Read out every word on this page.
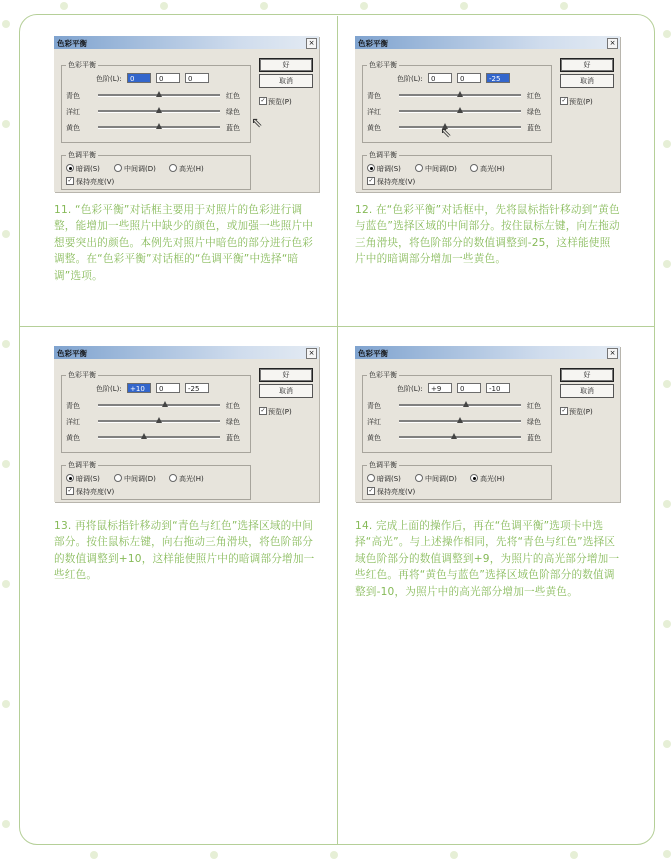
色彩平衡	×
色彩平衡
色阶(L):	0	0	0
青色	红色
洋红	绿色
黄色	蓝色
色调平衡
暗调(S)	中间调(D)	高光(H)
✓ 保持亮度(V)
好
取消
✓ 预览(P)
色彩平衡	×
色彩平衡
色阶(L):	0	0	-25
青色	红色
洋红	绿色
黄色	蓝色
色调平衡
暗调(S)	中间调(D)	高光(H)
✓ 保持亮度(V)
好
取消
✓ 预览(P)
色彩平衡	×
色彩平衡
色阶(L):	+10	0	-25
青色	红色
洋红	绿色
黄色	蓝色
色调平衡
暗调(S)	中间调(D)	高光(H)
✓ 保持亮度(V)
好
取消
✓ 预览(P)
色彩平衡	×
色彩平衡
色阶(L):	+9	0	-10
青色	红色
洋红	绿色
黄色	蓝色
色调平衡
暗调(S)	中间调(D)	高光(H)
✓ 保持亮度(V)
好
取消
✓ 预览(P)

11. “色彩平衡”对话框主要用于对照片的色彩进行调整，能增加一些照片中缺少的颜色，或加强一些照片中想要突出的颜色。本例先对照片中暗色的部分进行色彩调整。在“色彩平衡”对话框的“色调平衡”中选择“暗调”选项。

12. 在“色彩平衡”对话框中，先将鼠标指针移动到“黄色与蓝色”选择区域的中间部分。按住鼠标左键，向左拖动三角滑块，将色阶部分的数值调整到-25，这样能使照片中的暗调部分增加一些黄色。

13. 再将鼠标指针移动到“青色与红色”选择区域的中间部分。按住鼠标左键，向右拖动三角滑块，将色阶部分的数值调整到+10，这样能使照片中的暗调部分增加一些红色。

14. 完成上面的操作后，再在“色调平衡”选项卡中选择“高光”。与上述操作相同，先将“青色与红色”选择区域色阶部分的数值调整到+9，为照片的高光部分增加一些红色。再将“黄色与蓝色”选择区域色阶部分的数值调整到-10，为照片中的高光部分增加一些黄色。

⇖
⇖
